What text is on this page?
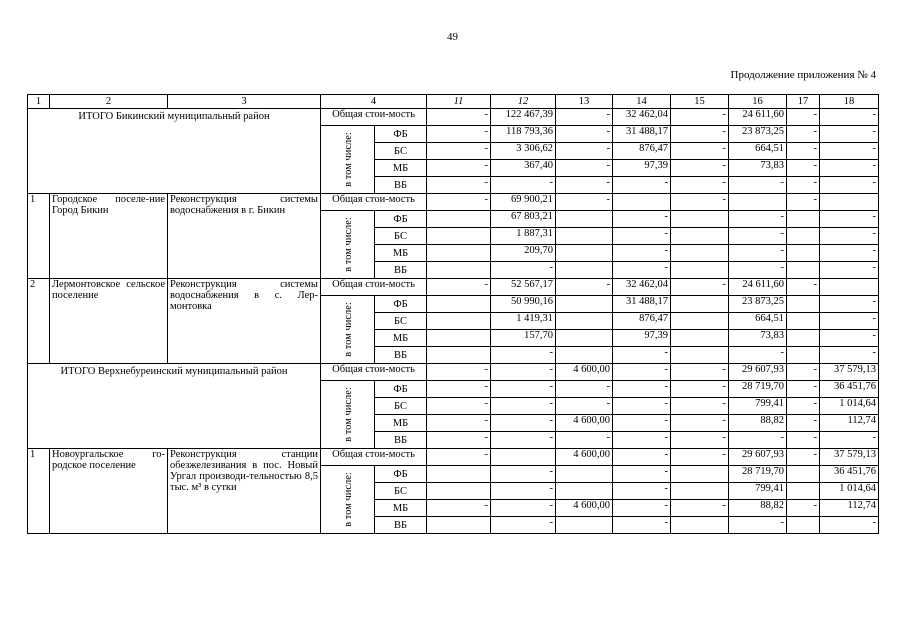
49
Продолжение приложения № 4
1	2	3	4		11	12	13	14	15	16	17	18
ИТОГО Бикинский муниципальный район			Общая стои-мость		-	122 467,39	-	32 462,04	-	24 611,60	-	-
			в том числе:	ФБ	-	118 793,36	-	31 488,17	-	23 873,25	-	-
				БС	-	3 306,62	-	876,47	-	664,51	-	-
				МБ	-	367,40	-	97,39	-	73,83	-	-
				ВБ	-	-	-	-	-	-	-	-
1	Городское поселе-ние Город Бикин	Реконструкция системы водоснабжения в г. Бикин	Общая стои-мость		-	69 900,21	-		-		-	
			в том числе:	ФБ		67 803,21		-		-		-
				БС		1 887,31		-		-		-
				МБ		209,70		-		-		-
				ВБ		-		-		-		-
2	Лермонтовское сельское поселение	Реконструкция системы водоснабжения в с. Лер-монтовка	Общая стои-мость		-	52 567,17	-	32 462,04	-	24 611,60	-	
			в том числе:	ФБ		50 990,16		31 488,17		23 873,25		-
				БС		1 419,31		876,47		664,51		-
				МБ		157,70		97,39		73,83		-
				ВБ		-		-		-		-
ИТОГО Верхнебуреинский муниципальный район			Общая стои-мость		-	-	4 600,00	-	-	29 607,93	-	37 579,13
			в том числе:	ФБ	-	-	-	-	-	28 719,70	-	36 451,76
				БС	-	-	-	-	-	799,41	-	1 014,64
				МБ	-	-	4 600,00	-	-	88,82	-	112,74
				ВБ	-	-	-	-	-	-	-	-
1	Новоургальское го-родское поселение	Реконструкция станции обезжелезивания в пос. Новый Ургал производи-тельностью 8,5 тыс. м³ в сутки	Общая стои-мость		-		4 600,00	-	-	29 607,93	-	37 579,13
			в том числе:	ФБ		-		-		28 719,70		36 451,76
				БС		-		-		799,41		1 014,64
				МБ	-	-	4 600,00	-	-	88,82	-	112,74
				ВБ		-		-		-		-
